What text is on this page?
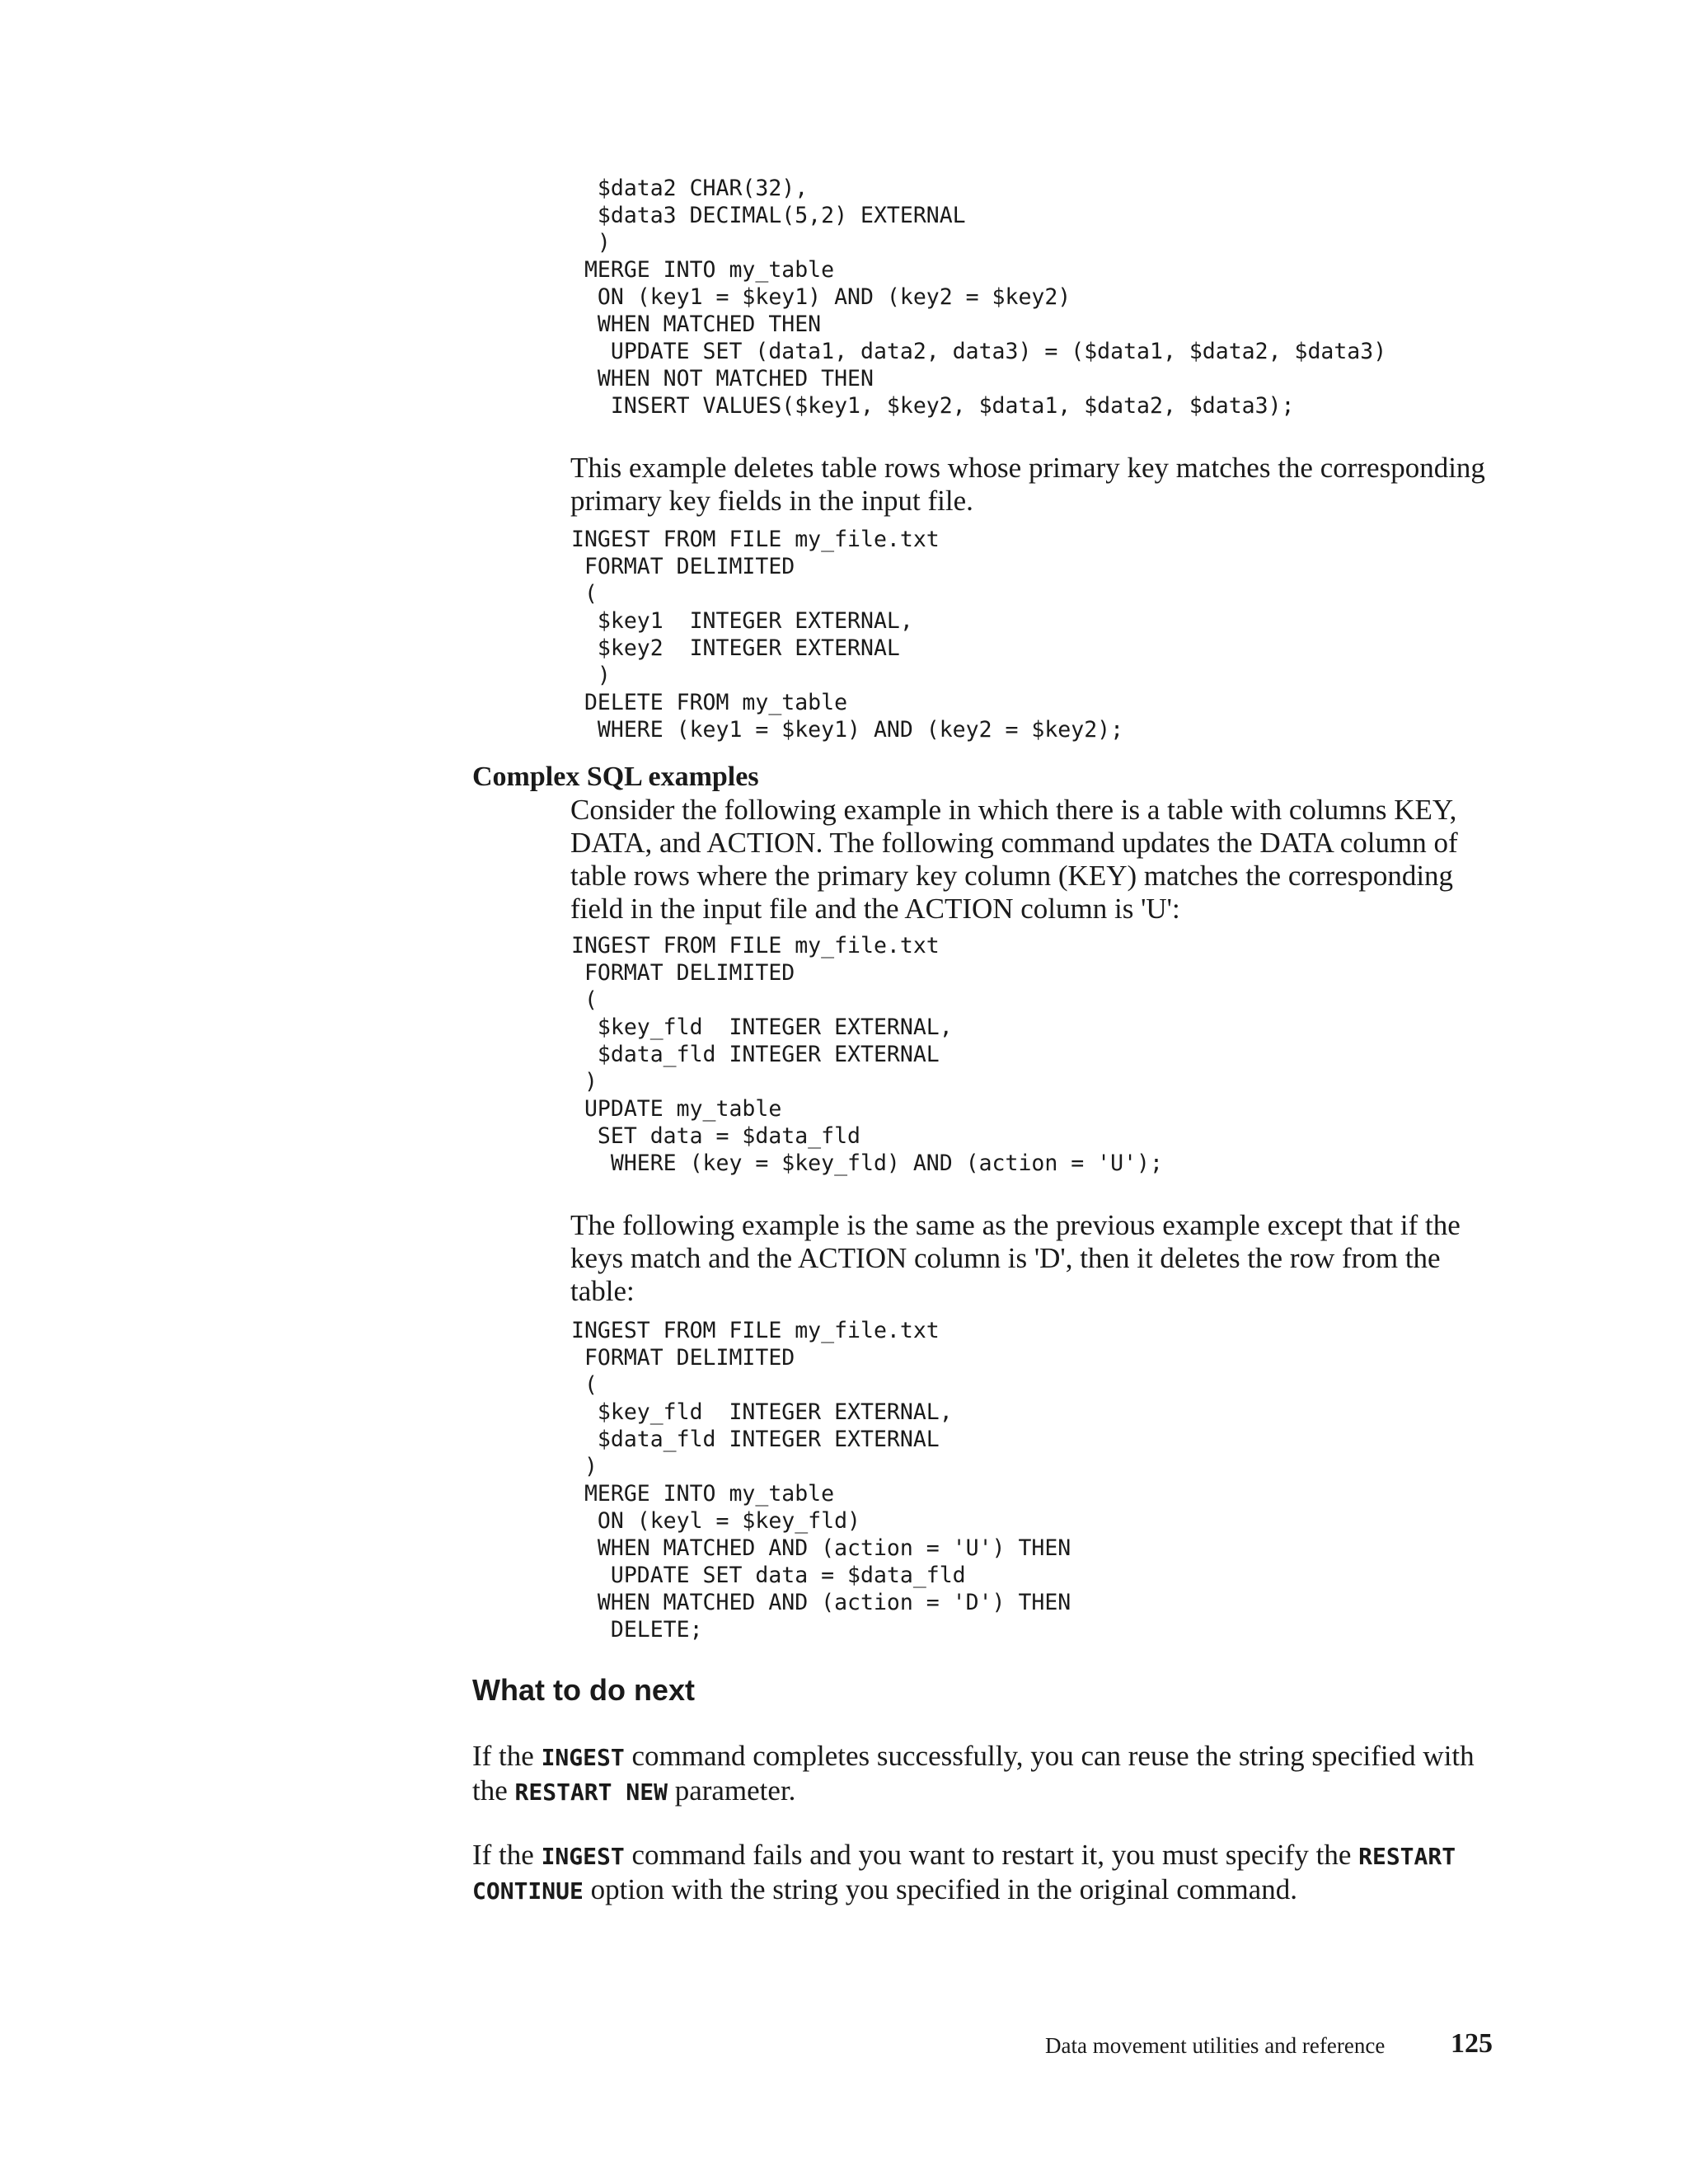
$data2 CHAR(32),
$data3 DECIMAL(5,2) EXTERNAL
)
MERGE INTO my_table
ON (key1 = $key1) AND (key2 = $key2)
WHEN MATCHED THEN
UPDATE SET (data1, data2, data3) = ($data1, $data2, $data3)
WHEN NOT MATCHED THEN
INSERT VALUES($key1, $key2, $data1, $data2, $data3);

This example deletes table rows whose primary key matches the corresponding primary key fields in the input file.

INGEST FROM FILE my_file.txt
FORMAT DELIMITED
(
$key1  INTEGER EXTERNAL,
$key2  INTEGER EXTERNAL
)
DELETE FROM my_table
WHERE (key1 = $key1) AND (key2 = $key2);

Complex SQL examples

Consider the following example in which there is a table with columns KEY, DATA, and ACTION. The following command updates the DATA column of table rows where the primary key column (KEY) matches the corresponding field in the input file and the ACTION column is 'U':

INGEST FROM FILE my_file.txt
FORMAT DELIMITED
(
$key_fld  INTEGER EXTERNAL,
$data_fld INTEGER EXTERNAL
)
UPDATE my_table
SET data = $data_fld
WHERE (key = $key_fld) AND (action = 'U');

The following example is the same as the previous example except that if the keys match and the ACTION column is 'D', then it deletes the row from the table:

INGEST FROM FILE my_file.txt
FORMAT DELIMITED
(
$key_fld  INTEGER EXTERNAL,
$data_fld INTEGER EXTERNAL
)
MERGE INTO my_table
ON (keyl = $key_fld)
WHEN MATCHED AND (action = 'U') THEN
UPDATE SET data = $data_fld
WHEN MATCHED AND (action = 'D') THEN
DELETE;
What to do next

If the INGEST command completes successfully, you can reuse the string specified with the RESTART NEW parameter.

If the INGEST command fails and you want to restart it, you must specify the RESTART CONTINUE option with the string you specified in the original command.

Data movement utilities and reference 125
